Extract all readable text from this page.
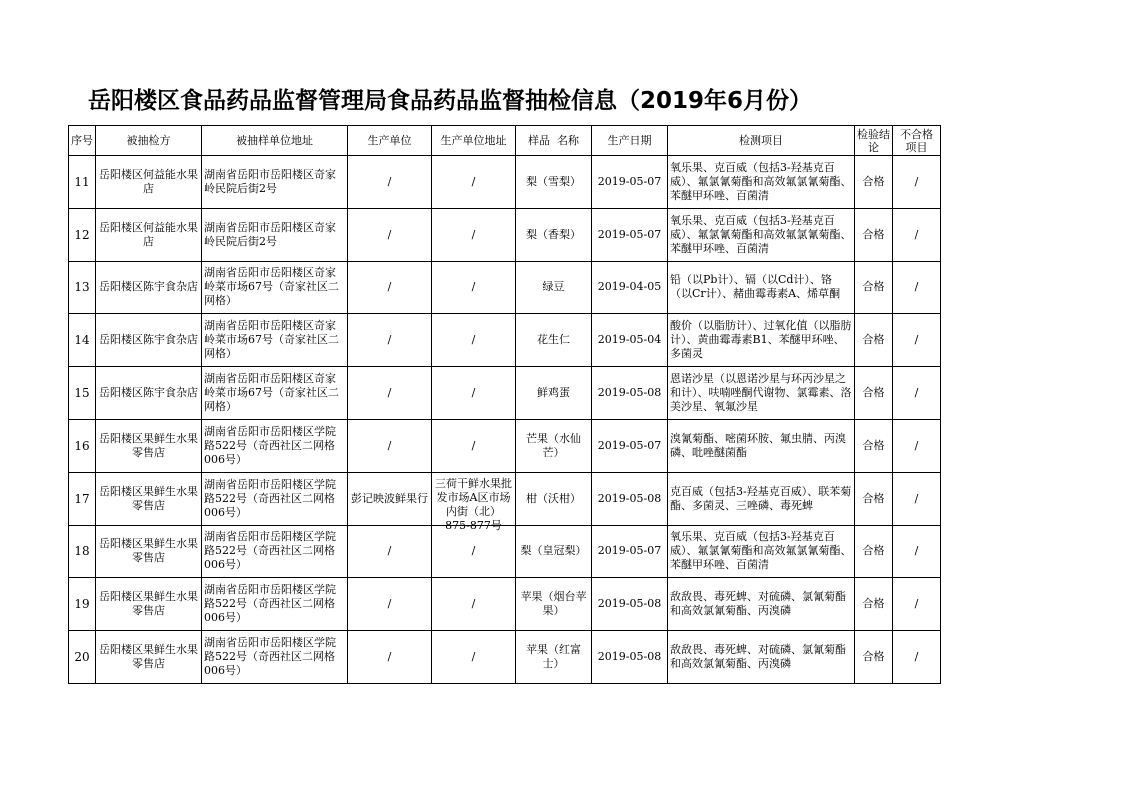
岳阳楼区食品药品监督管理局食品药品监督抽检信息（2019年6月份）
序号	被抽检方	被抽样单位地址	生产单位	生产单位地址	样品  名称	生产日期	检测项目	检验结论	不合格项目

11	岳阳楼区何益能水果店	湖南省岳阳市岳阳楼区奇家岭民院后街2号	/	/	梨（雪梨）	2019-05-07	氧乐果、克百威（包括3-羟基克百威）、氟氯氰菊酯和高效氟氯氰菊酯、苯醚甲环唑、百菌清	合格	/

12	岳阳楼区何益能水果店	湖南省岳阳市岳阳楼区奇家岭民院后街2号	/	/	梨（香梨）	2019-05-07	氧乐果、克百威（包括3-羟基克百威）、氟氯氰菊酯和高效氟氯氰菊酯、苯醚甲环唑、百菌清	合格	/

13	岳阳楼区陈宇食杂店	湖南省岳阳市岳阳楼区奇家岭菜市场67号（奇家社区二网格）	/	/	绿豆	2019-04-05	铅（以Pb计）、镉（以Cd计）、铬（以Cr计）、赭曲霉毒素A、烯草酮	合格	/

14	岳阳楼区陈宇食杂店	湖南省岳阳市岳阳楼区奇家岭菜市场67号（奇家社区二网格）	/	/	花生仁	2019-05-04	酸价（以脂肪计）、过氧化值（以脂肪计）、黄曲霉毒素B1、苯醚甲环唑、多菌灵	合格	/

15	岳阳楼区陈宇食杂店	湖南省岳阳市岳阳楼区奇家岭菜市场67号（奇家社区二网格）	/	/	鲜鸡蛋	2019-05-08	恩诺沙星（以恩诺沙星与环丙沙星之和计）、呋喃唑酮代谢物、氯霉素、洛美沙星、氧氟沙星	合格	/

16	岳阳楼区果鲜生水果零售店	湖南省岳阳市岳阳楼区学院路522号（奇西社区二网格006号）	/	/	芒果（水仙芒）	2019-05-07	溴氰菊酯、嘧菌环胺、氟虫腈、丙溴磷、吡唑醚菌酯	合格	/

17	岳阳楼区果鲜生水果零售店	湖南省岳阳市岳阳楼区学院路522号（奇西社区二网格006号）	彭记映波鲜果行	三荷干鲜水果批发市场A区市场内街（北）875-877号	柑（沃柑）	2019-05-08	克百威（包括3-羟基克百威）、联苯菊酯、多菌灵、三唑磷、毒死蜱	合格	/

18	岳阳楼区果鲜生水果零售店	湖南省岳阳市岳阳楼区学院路522号（奇西社区二网格006号）	/	/	梨（皇冠梨）	2019-05-07	氧乐果、克百威（包括3-羟基克百威）、氟氯氰菊酯和高效氟氯氰菊酯、苯醚甲环唑、百菌清	合格	/

19	岳阳楼区果鲜生水果零售店	湖南省岳阳市岳阳楼区学院路522号（奇西社区二网格006号）	/	/	苹果（烟台苹果）	2019-05-08	敌敌畏、毒死蜱、对硫磷、氯氰菊酯和高效氯氰菊酯、丙溴磷	合格	/

20	岳阳楼区果鲜生水果零售店	湖南省岳阳市岳阳楼区学院路522号（奇西社区二网格006号）	/	/	苹果（红富士）	2019-05-08	敌敌畏、毒死蜱、对硫磷、氯氰菊酯和高效氯氰菊酯、丙溴磷	合格	/
